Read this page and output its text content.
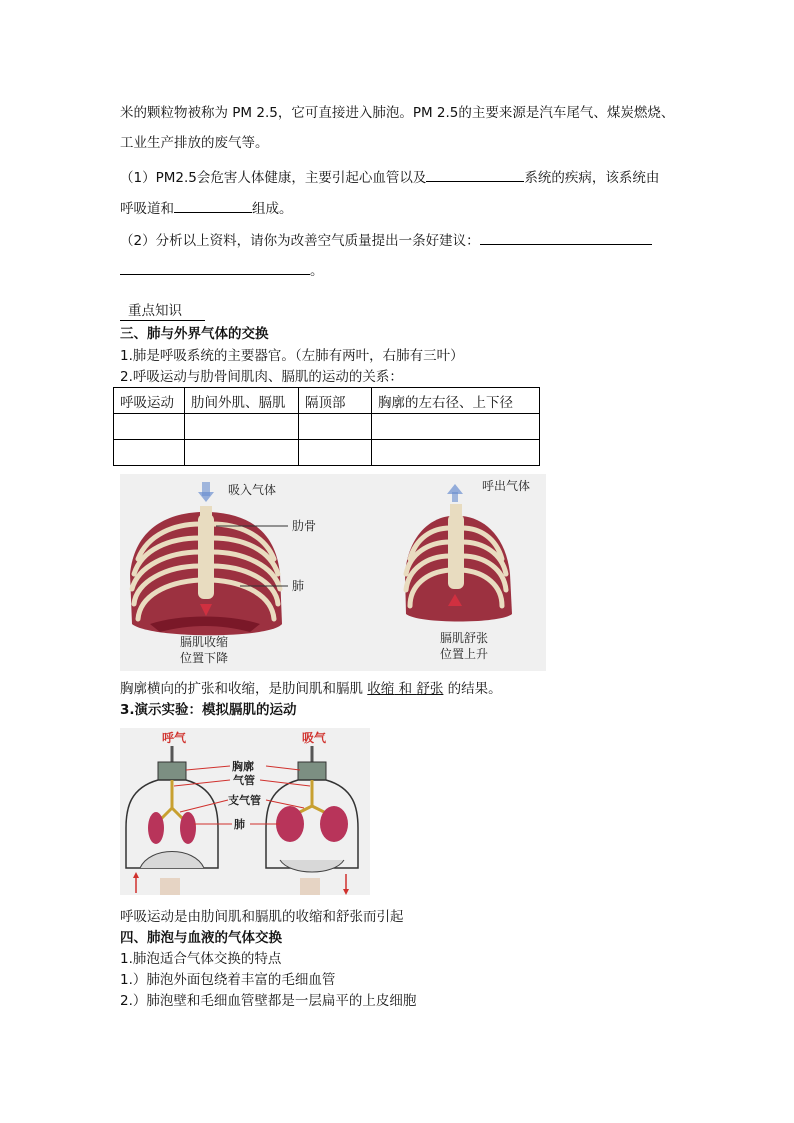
米的颗粒物被称为 PM 2.5，它可直接进入肺泡。PM 2.5的主要来源是汽车尾气、煤炭燃烧、
工业生产排放的废气等。
（1）PM2.5会危害人体健康，主要引起心血管以及	系统的疾病，该系统由
呼吸道和	组成。
（2）分析以上资料，请你为改善空气质量提出一条好建议：
。
重点知识
三、肺与外界气体的交换
1.肺是呼吸系统的主要器官。（左肺有两叶，右肺有三叶）
2.呼吸运动与肋骨间肌肉、膈肌的运动的关系：
呼吸运动	肋间外肌、膈肌	隔顶部	胸廓的左右径、上下径

吸入气体
肋骨
肺
膈肌收缩
位置下降
呼出气体
膈肌舒张
位置上升
胸廓横向的扩张和收缩，是肋间肌和膈肌 收缩 和 舒张 的结果。
3.演示实验：模拟膈肌的运动
呼气	吸气
胸廓
气管
支气管
肺
呼吸运动是由肋间肌和膈肌的收缩和舒张而引起
四、肺泡与血液的气体交换
1.肺泡适合气体交换的特点
1.）肺泡外面包绕着丰富的毛细血管
2.）肺泡壁和毛细血管壁都是一层扁平的上皮细胞
